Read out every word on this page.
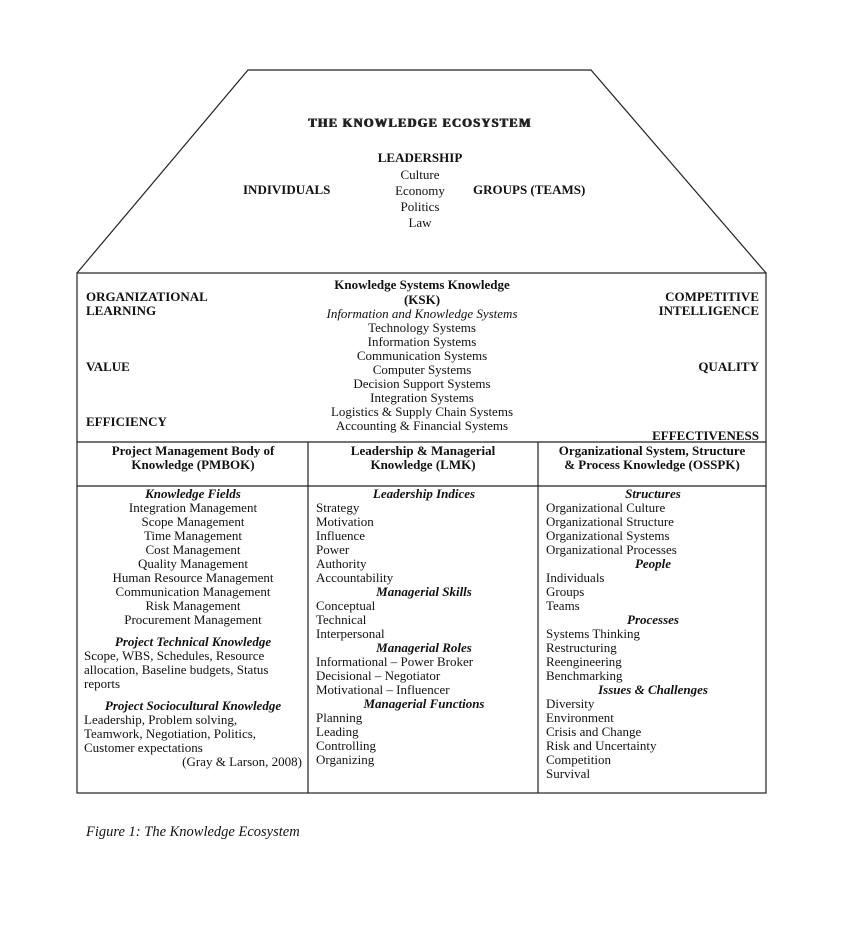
THE KNOWLEDGE ECOSYSTEM
LEADERSHIP
INDIVIDUALS	GROUPS (TEAMS)
Culture
Economy
Politics
Law
ORGANIZATIONAL
LEARNING
VALUE
EFFICIENCY
COMPETITIVE
INTELLIGENCE
QUALITY
EFFECTIVENESS
Knowledge Systems Knowledge
(KSK)
Information and Knowledge Systems
Technology Systems
Information Systems
Communication Systems
Computer Systems
Decision Support Systems
Integration Systems
Logistics & Supply Chain Systems
Accounting & Financial Systems
Project Management Body of
Knowledge (PMBOK)
Leadership & Managerial
Knowledge (LMK)
Organizational System, Structure
& Process Knowledge (OSSPK)
Knowledge Fields
Integration Management
Scope Management
Time Management
Cost Management
Quality Management
Human Resource Management
Communication Management
Risk Management
Procurement Management
Project Technical Knowledge
Scope, WBS, Schedules, Resource
allocation, Baseline budgets, Status
reports
Project Sociocultural Knowledge
Leadership, Problem solving,
Teamwork, Negotiation, Politics,
Customer expectations
(Gray & Larson, 2008)
Leadership Indices
Strategy
Motivation
Influence
Power
Authority
Accountability
Managerial Skills
Conceptual
Technical
Interpersonal
Managerial Roles
Informational – Power Broker
Decisional – Negotiator
Motivational – Influencer
Managerial Functions
Planning
Leading
Controlling
Organizing
Structures
Organizational Culture
Organizational Structure
Organizational Systems
Organizational Processes
People
Individuals
Groups
Teams
Processes
Systems Thinking
Restructuring
Reengineering
Benchmarking
Issues & Challenges
Diversity
Environment
Crisis and Change
Risk and Uncertainty
Competition
Survival
Figure 1: The Knowledge Ecosystem
